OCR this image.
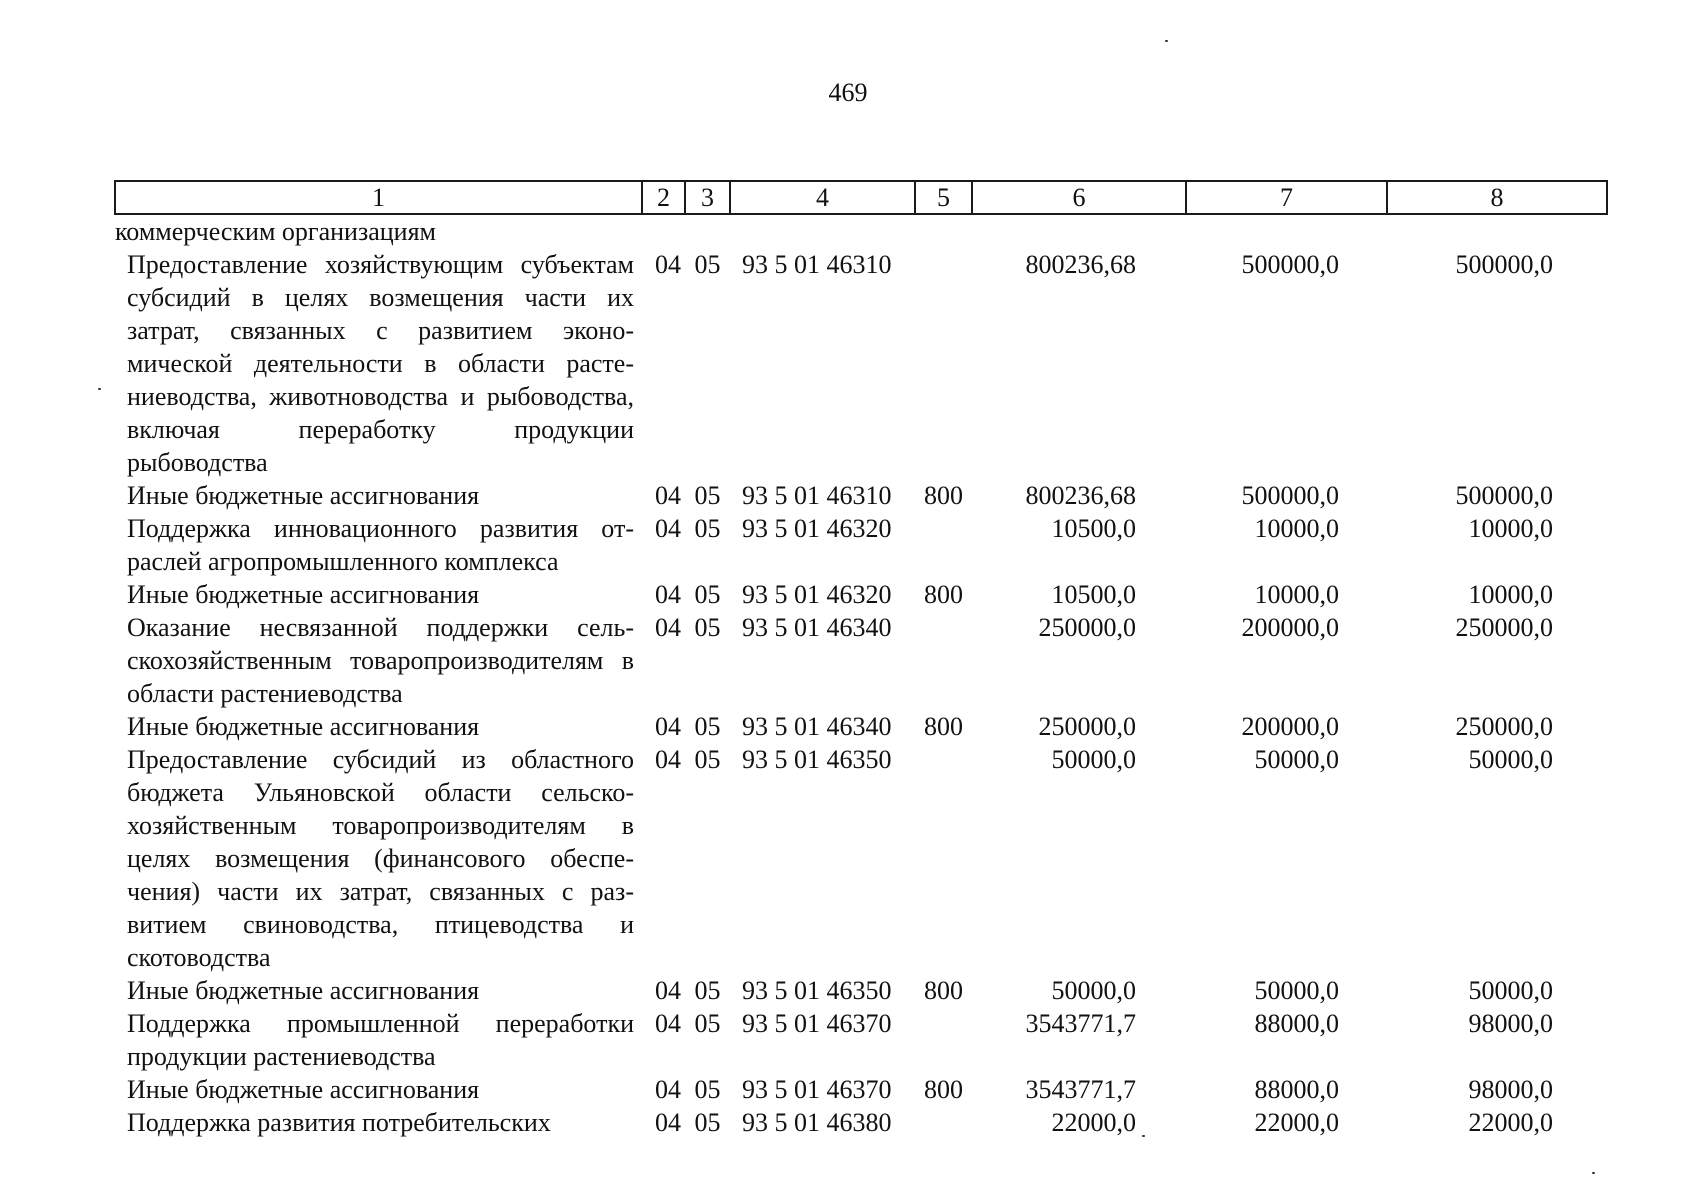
469
1	2	3	4	5	6	7	8
коммерческим организациям							
Предоставление хозяйствующим субъектам субсидий в целях возмещения части их затрат, связанных с развитием экономической деятельности в области растениеводства, животноводства и рыбоводства, включая переработку продукции рыбоводства	04	05	93 5 01 46310		800236,68	500000,0	500000,0
Иные бюджетные ассигнования	04	05	93 5 01 46310	800	800236,68	500000,0	500000,0
Поддержка инновационного развития отраслей агропромышленного комплекса	04	05	93 5 01 46320		10500,0	10000,0	10000,0
Иные бюджетные ассигнования	04	05	93 5 01 46320	800	10500,0	10000,0	10000,0
Оказание несвязанной поддержки сельскохозяйственным товаропроизводителям в области растениеводства	04	05	93 5 01 46340		250000,0	200000,0	250000,0
Иные бюджетные ассигнования	04	05	93 5 01 46340	800	250000,0	200000,0	250000,0
Предоставление субсидий из областного бюджета Ульяновской области сельскохозяйственным товаропроизводителям в целях возмещения (финансового обеспечения) части их затрат, связанных с развитием свиноводства, птицеводства и скотоводства	04	05	93 5 01 46350		50000,0	50000,0	50000,0
Иные бюджетные ассигнования	04	05	93 5 01 46350	800	50000,0	50000,0	50000,0
Поддержка промышленной переработки продукции растениеводства	04	05	93 5 01 46370		3543771,7	88000,0	98000,0
Иные бюджетные ассигнования	04	05	93 5 01 46370	800	3543771,7	88000,0	98000,0
Поддержка развития потребительских	04	05	93 5 01 46380		22000,0	22000,0	22000,0
